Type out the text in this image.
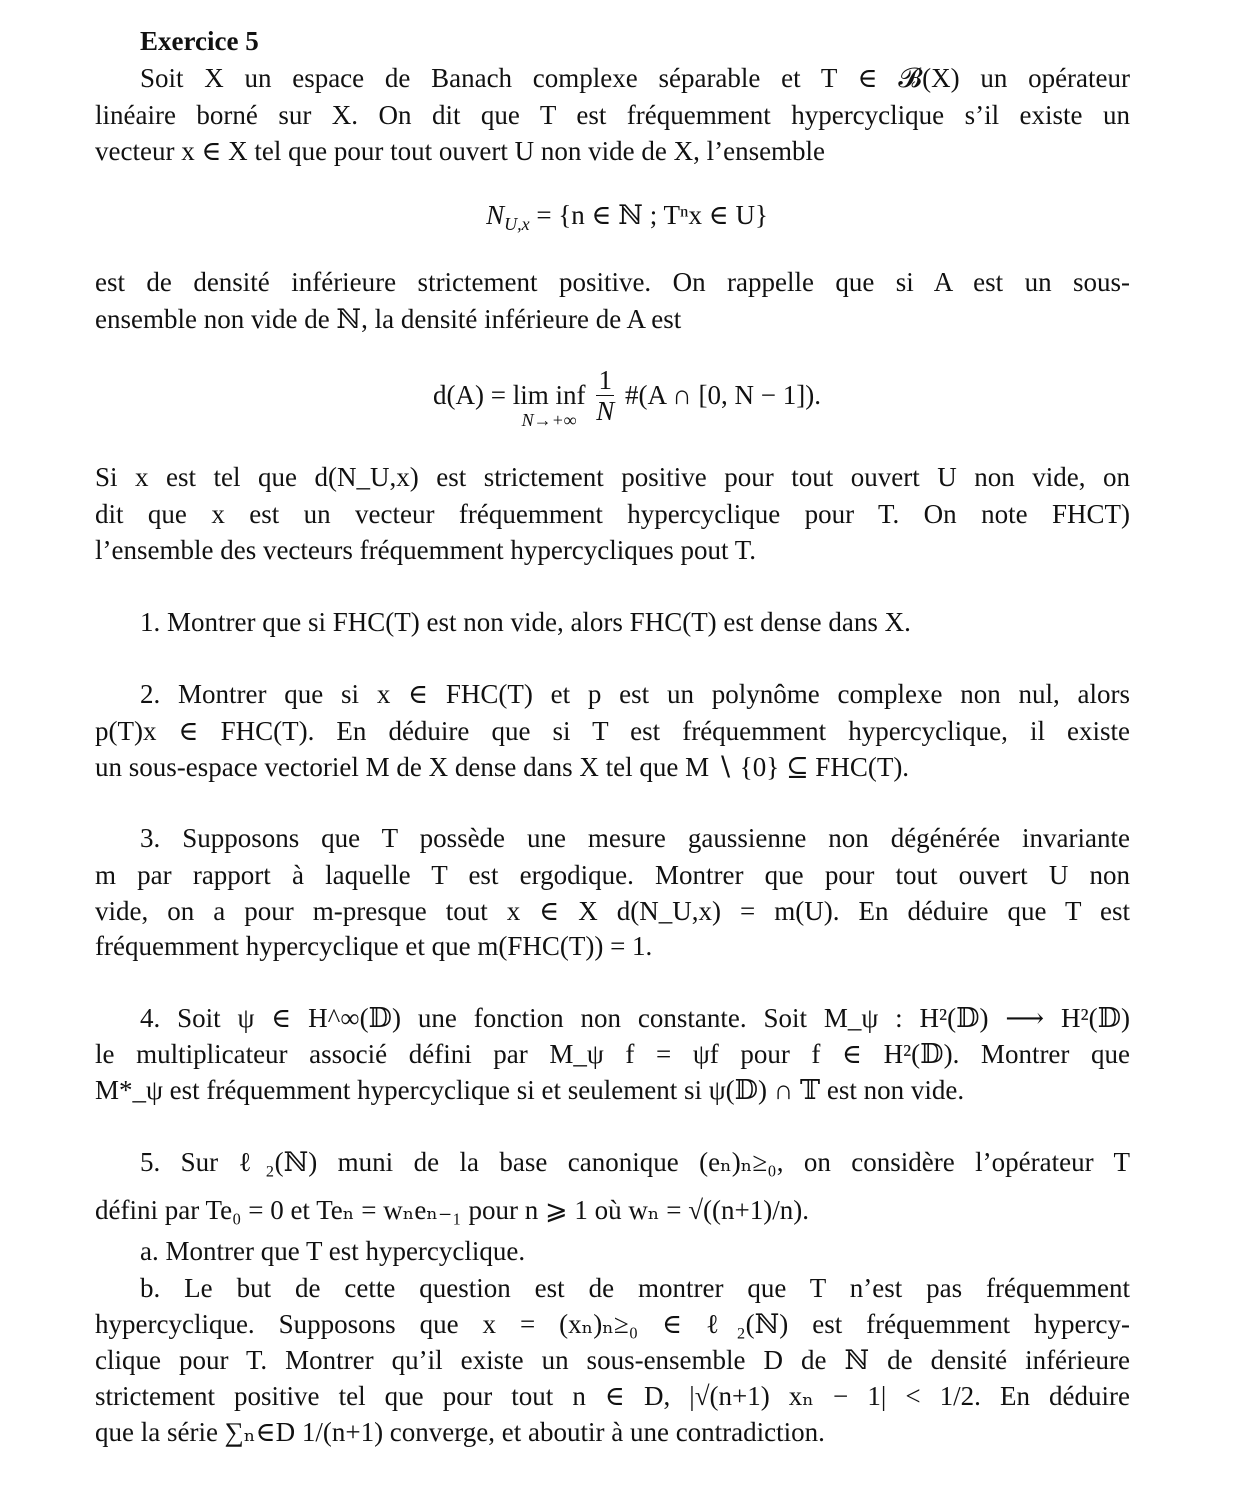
Exercice 5
Soit X un espace de Banach complexe séparable et T ∈ 𝓑(X) un opérateur
linéaire borné sur X. On dit que T est fréquemment hypercyclique s’il existe un
vecteur x ∈ X tel que pour tout ouvert U non vide de X, l’ensemble
$N_{U,x} = \{n$ ∈ ℕ ; Tⁿx ∈ U}
est de densité inférieure strictement positive. On rappelle que si A est un sous-
ensemble non vide de ℕ, la densité inférieure de A est
d(A) = lim inf
N→+∞
$\frac{1}{N}$ #(A ∩ [0, N − 1]).
Si x est tel que d(N_U,x) est strictement positive pour tout ouvert U non vide, on
dit que x est un vecteur fréquemment hypercyclique pour T. On note FHCT)
l’ensemble des vecteurs fréquemment hypercycliques pout T.
1. Montrer que si FHC(T) est non vide, alors FHC(T) est dense dans X.
2. Montrer que si x ∈ FHC(T) et p est un polynôme complexe non nul, alors
p(T)x ∈ FHC(T). En déduire que si T est fréquemment hypercyclique, il existe
un sous-espace vectoriel M de X dense dans X tel que M ∖ {0} ⊆ FHC(T).
3. Supposons que T possède une mesure gaussienne non dégénérée invariante
m par rapport à laquelle T est ergodique. Montrer que pour tout ouvert U non
vide, on a pour m-presque tout x ∈ X d(N_U,x) = m(U). En déduire que T est
fréquemment hypercyclique et que m(FHC(T)) = 1.
4. Soit ψ ∈ H^∞(𝔻) une fonction non constante. Soit M_ψ : H²(𝔻) ⟶ H²(𝔻)
le multiplicateur associé défini par M_ψ f = ψf pour f ∈ H²(𝔻). Montrer que
M*_ψ est fréquemment hypercyclique si et seulement si ψ(𝔻) ∩ 𝕋 est non vide.
5. Sur ℓ₂(ℕ) muni de la base canonique (eₙ)ₙ≥₀, on considère l’opérateur T
défini par Te₀ = 0 et Teₙ = wₙeₙ₋₁ pour n ⩾ 1 où wₙ = √((n+1)/n).
a. Montrer que T est hypercyclique.
b. Le but de cette question est de montrer que T n’est pas fréquemment
hypercyclique. Supposons que x = (xₙ)ₙ≥₀ ∈ ℓ₂(ℕ) est fréquemment hypercy-
clique pour T. Montrer qu’il existe un sous-ensemble D de ℕ de densité inférieure
strictement positive tel que pour tout n ∈ D, |√(n+1) xₙ − 1| < 1/2. En déduire
que la série ∑ₙ∈D 1/(n+1) converge, et aboutir à une contradiction.
